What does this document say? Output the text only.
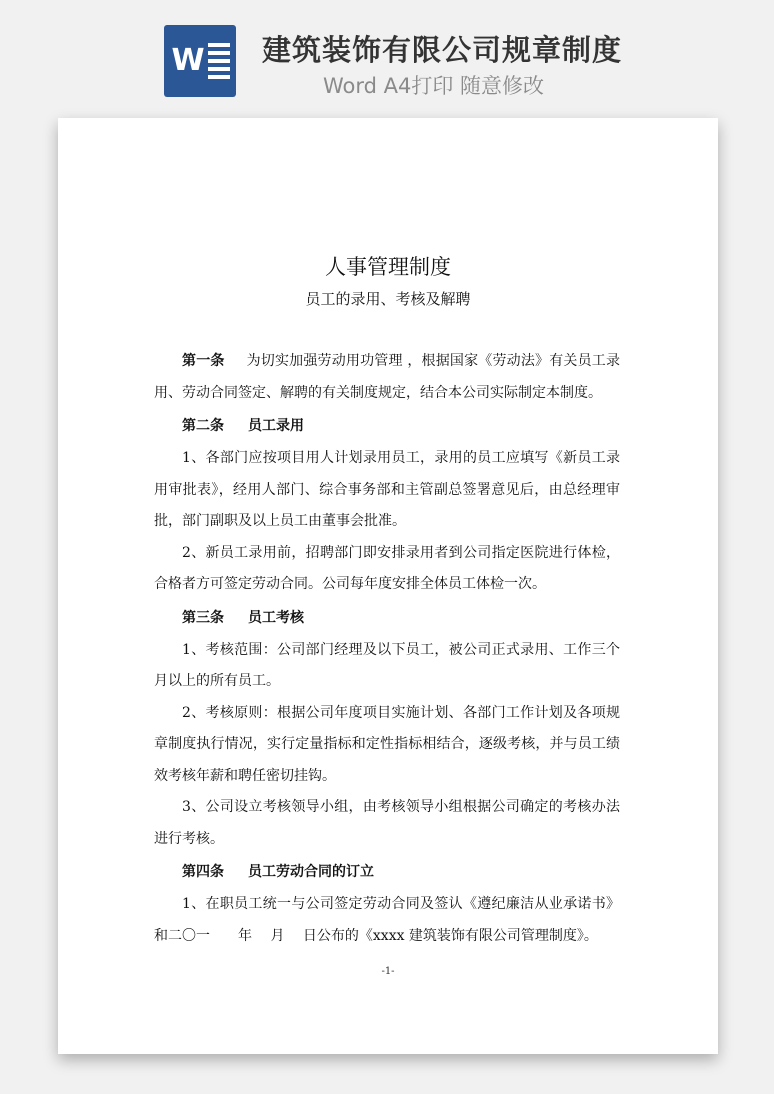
W 建筑装饰有限公司规章制度
Word A4打印 随意修改

人事管理制度
员工的录用、考核及解聘

第一条 为切实加强劳动用功管理 ，根据国家《劳动法》有关员工录用、劳动合同签定、解聘的有关制度规定，结合本公司实际制定本制度。

第二条 员工录用

1、各部门应按项目用人计划录用员工，录用的员工应填写《新员工录用审批表》，经用人部门、综合事务部和主管副总签署意见后，由总经理审批，部门副职及以上员工由董事会批准。

2、新员工录用前，招聘部门即安排录用者到公司指定医院进行体检，合格者方可签定劳动合同。公司每年度安排全体员工体检一次。

第三条 员工考核

1、考核范围：公司部门经理及以下员工，被公司正式录用、工作三个月以上的所有员工。

2、考核原则：根据公司年度项目实施计划、各部门工作计划及各项规章制度执行情况，实行定量指标和定性指标相结合，逐级考核，并与员工绩效考核年薪和聘任密切挂钩。

3、公司设立考核领导小组，由考核领导小组根据公司确定的考核办法进行考核。

第四条 员工劳动合同的订立

1、在职员工统一与公司签定劳动合同及签认《遵纪廉洁从业承诺书》和二〇一　　年　 月　 日公布的《xxxx 建筑装饰有限公司管理制度》。

-1-
